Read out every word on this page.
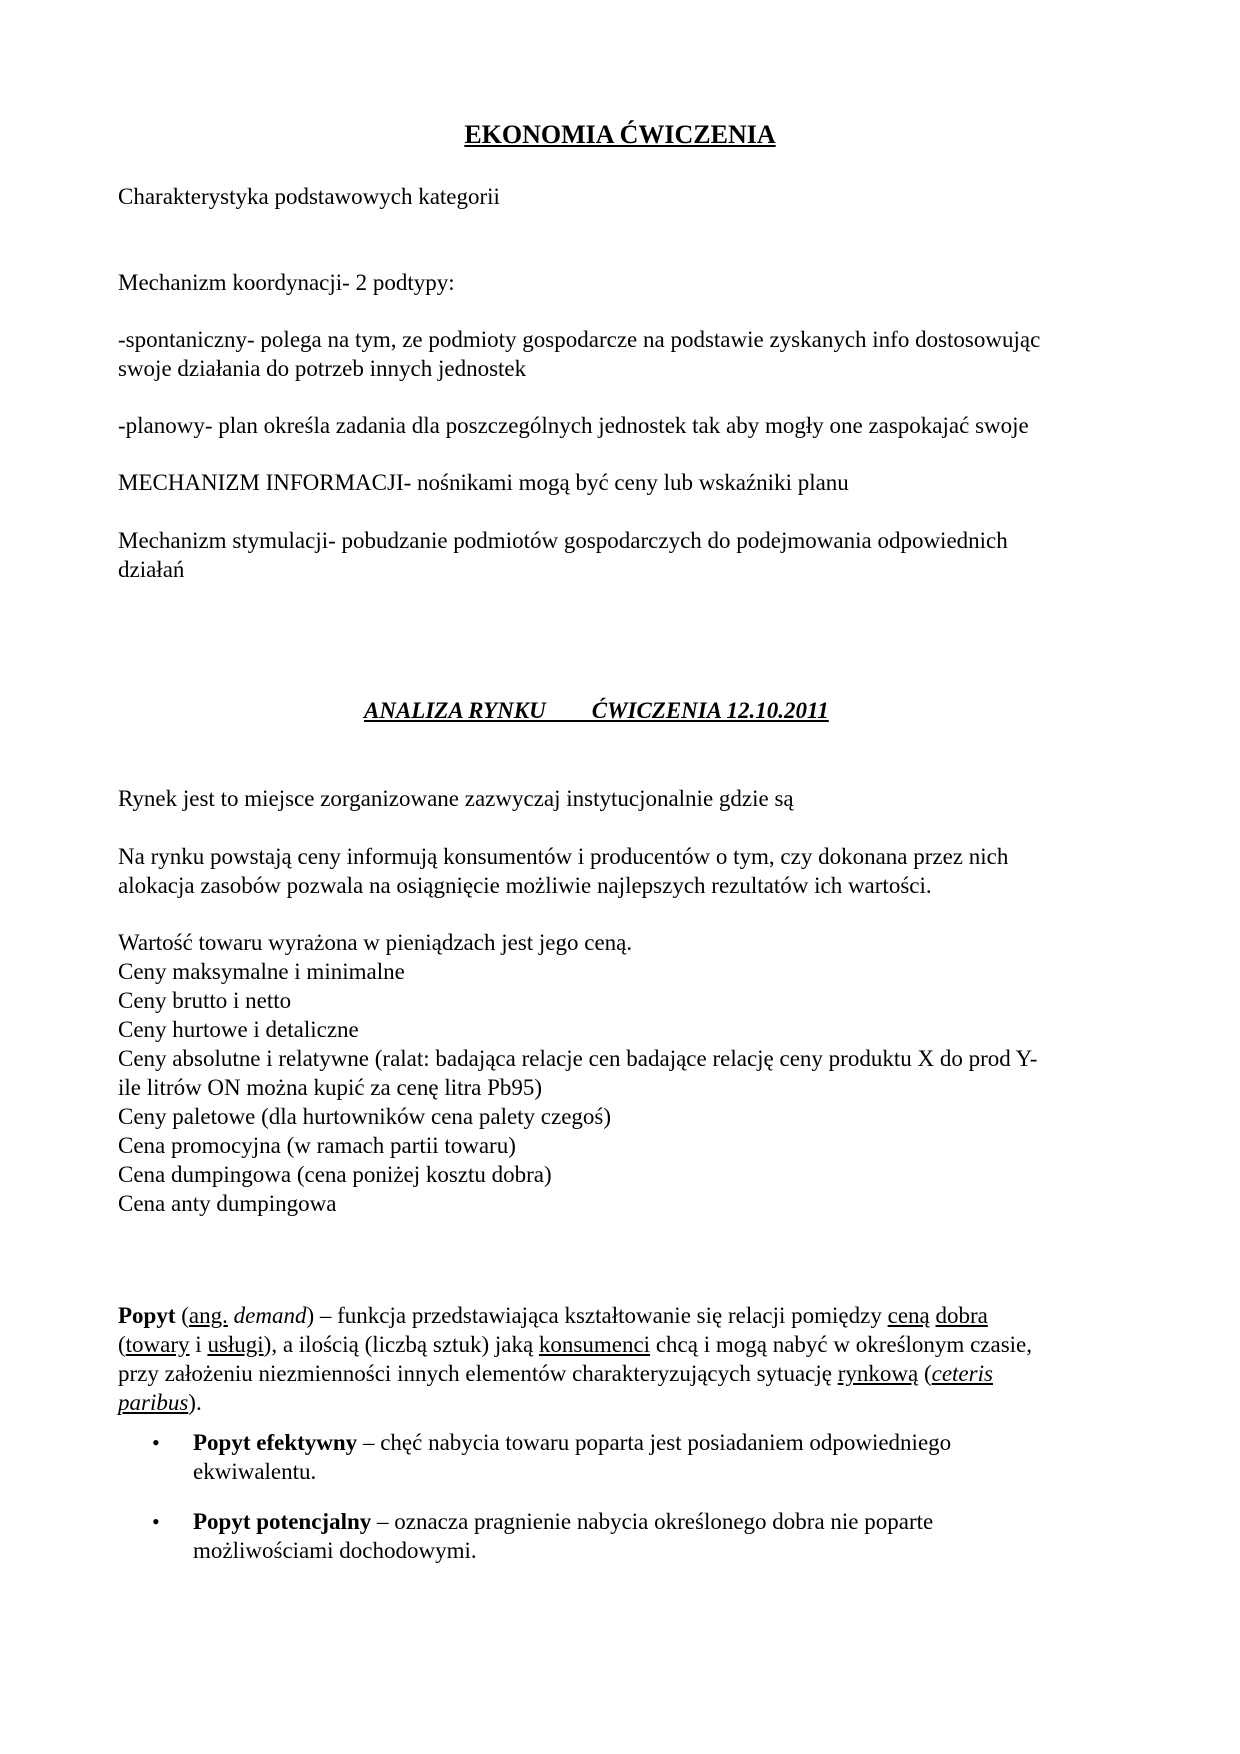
EKONOMIA ĆWICZENIA
Charakterystyka podstawowych kategorii
Mechanizm koordynacji- 2 podtypy:
-spontaniczny- polega na tym, ze podmioty gospodarcze na podstawie zyskanych info dostosowując
swoje działania do potrzeb innych jednostek
-planowy- plan określa zadania dla poszczególnych jednostek tak aby mogły one zaspokajać swoje
MECHANIZM INFORMACJI- nośnikami mogą być ceny lub wskaźniki planu
Mechanizm stymulacji- pobudzanie podmiotów gospodarczych do podejmowania odpowiednich
działań
ANALIZA RYNKU        ĆWICZENIA 12.10.2011
Rynek jest to miejsce zorganizowane zazwyczaj instytucjonalnie gdzie są
Na rynku powstają ceny informują konsumentów i producentów o tym, czy dokonana przez nich
alokacja zasobów pozwala na osiągnięcie możliwie najlepszych rezultatów ich wartości.
Wartość towaru wyrażona w pieniądzach jest jego ceną.
Ceny maksymalne i minimalne
Ceny brutto i netto
Ceny hurtowe i detaliczne
Ceny absolutne i relatywne (ralat: badająca relacje cen badające relację ceny produktu X do prod Y-
ile litrów ON można kupić za cenę litra Pb95)
Ceny paletowe (dla hurtowników cena palety czegoś)
Cena promocyjna (w ramach partii towaru)
Cena dumpingowa (cena poniżej kosztu dobra)
Cena anty dumpingowa
Popyt (ang. demand) – funkcja przedstawiająca kształtowanie się relacji pomiędzy ceną dobra
(towary i usługi), a ilością (liczbą sztuk) jaką konsumenci chcą i mogą nabyć w określonym czasie,
przy założeniu niezmienności innych elementów charakteryzujących sytuację rynkową (ceteris
paribus).
• Popyt efektywny – chęć nabycia towaru poparta jest posiadaniem odpowiedniego
ekwiwalentu.
• Popyt potencjalny – oznacza pragnienie nabycia określonego dobra nie poparte
możliwościami dochodowymi.
